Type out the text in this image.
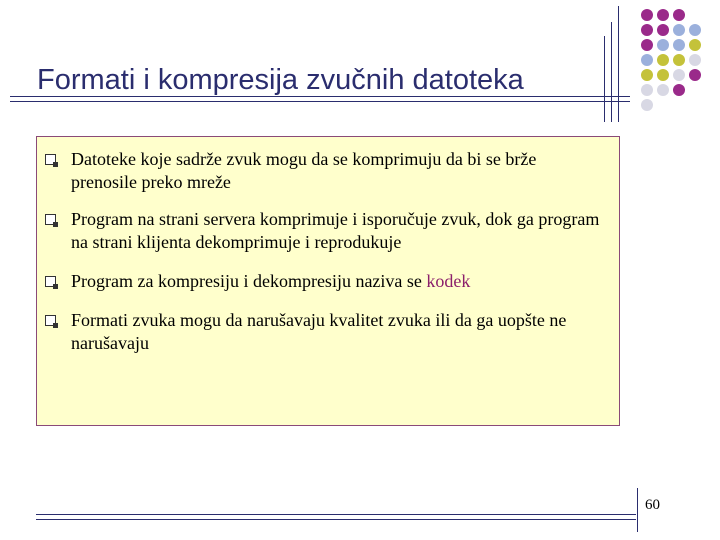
Formati i kompresija zvučnih datoteka
Datoteke koje sadrže zvuk mogu da se komprimuju da bi se brže prenosile preko mreže
Program na strani servera komprimuje i isporučuje zvuk, dok ga program na strani klijenta dekomprimuje i reprodukuje
Program za kompresiju i dekompresiju naziva se kodek
Formati zvuka mogu da narušavaju kvalitet zvuka ili da ga uopšte ne narušavaju
60
